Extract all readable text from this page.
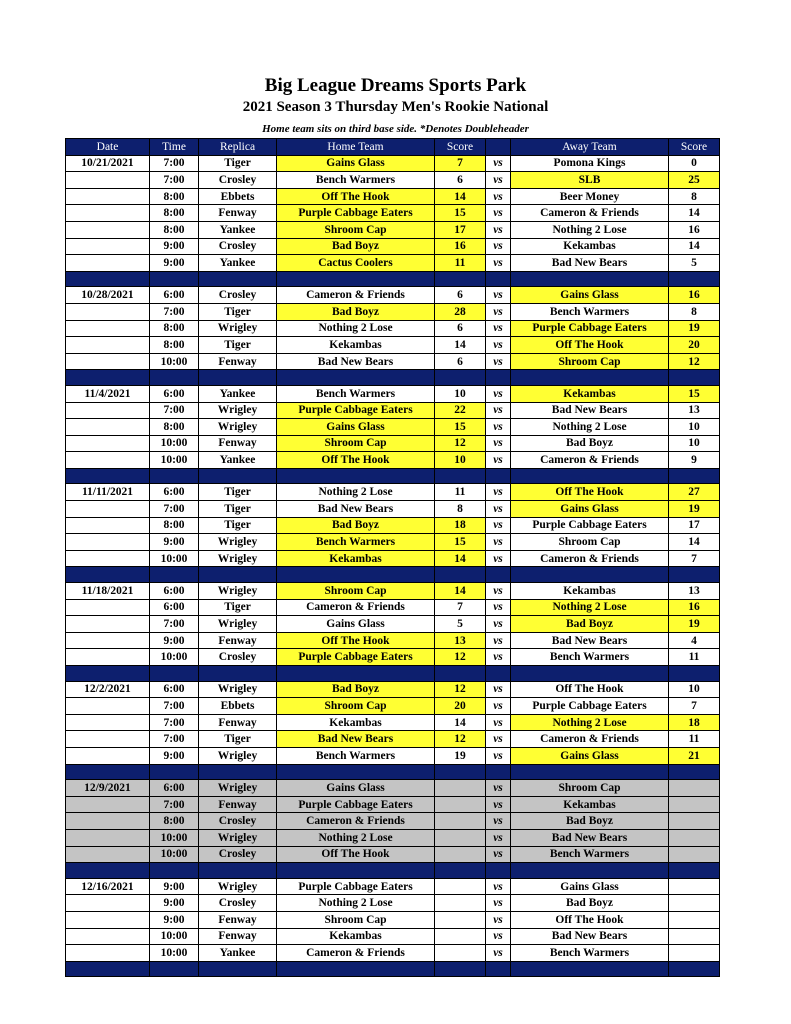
Big League Dreams Sports Park
2021 Season 3 Thursday Men's Rookie National
Home team sits on third base side. *Denotes Doubleheader
Date	Time	Replica	Home Team	Score		Away Team	Score
10/21/2021	7:00	Tiger	Gains Glass	7	vs	Pomona Kings	0
	7:00	Crosley	Bench Warmers	6	vs	SLB	25
	8:00	Ebbets	Off The Hook	14	vs	Beer Money	8
	8:00	Fenway	Purple Cabbage Eaters	15	vs	Cameron & Friends	14
	8:00	Yankee	Shroom Cap	17	vs	Nothing 2 Lose	16
	9:00	Crosley	Bad Boyz	16	vs	Kekambas	14
	9:00	Yankee	Cactus Coolers	11	vs	Bad New Bears	5

10/28/2021	6:00	Crosley	Cameron & Friends	6	vs	Gains Glass	16
	7:00	Tiger	Bad Boyz	28	vs	Bench Warmers	8
	8:00	Wrigley	Nothing 2 Lose	6	vs	Purple Cabbage Eaters	19
	8:00	Tiger	Kekambas	14	vs	Off The Hook	20
	10:00	Fenway	Bad New Bears	6	vs	Shroom Cap	12

11/4/2021	6:00	Yankee	Bench Warmers	10	vs	Kekambas	15
	7:00	Wrigley	Purple Cabbage Eaters	22	vs	Bad New Bears	13
	8:00	Wrigley	Gains Glass	15	vs	Nothing 2 Lose	10
	10:00	Fenway	Shroom Cap	12	vs	Bad Boyz	10
	10:00	Yankee	Off The Hook	10	vs	Cameron & Friends	9

11/11/2021	6:00	Tiger	Nothing 2 Lose	11	vs	Off The Hook	27
	7:00	Tiger	Bad New Bears	8	vs	Gains Glass	19
	8:00	Tiger	Bad Boyz	18	vs	Purple Cabbage Eaters	17
	9:00	Wrigley	Bench Warmers	15	vs	Shroom Cap	14
	10:00	Wrigley	Kekambas	14	vs	Cameron & Friends	7

11/18/2021	6:00	Wrigley	Shroom Cap	14	vs	Kekambas	13
	6:00	Tiger	Cameron & Friends	7	vs	Nothing 2 Lose	16
	7:00	Wrigley	Gains Glass	5	vs	Bad Boyz	19
	9:00	Fenway	Off The Hook	13	vs	Bad New Bears	4
	10:00	Crosley	Purple Cabbage Eaters	12	vs	Bench Warmers	11

12/2/2021	6:00	Wrigley	Bad Boyz	12	vs	Off The Hook	10
	7:00	Ebbets	Shroom Cap	20	vs	Purple Cabbage Eaters	7
	7:00	Fenway	Kekambas	14	vs	Nothing 2 Lose	18
	7:00	Tiger	Bad New Bears	12	vs	Cameron & Friends	11
	9:00	Wrigley	Bench Warmers	19	vs	Gains Glass	21

12/9/2021	6:00	Wrigley	Gains Glass		vs	Shroom Cap	
	7:00	Fenway	Purple Cabbage Eaters		vs	Kekambas	
	8:00	Crosley	Cameron & Friends		vs	Bad Boyz	
	10:00	Wrigley	Nothing 2 Lose		vs	Bad New Bears	
	10:00	Crosley	Off The Hook		vs	Bench Warmers	

12/16/2021	9:00	Wrigley	Purple Cabbage Eaters		vs	Gains Glass	
	9:00	Crosley	Nothing 2 Lose		vs	Bad Boyz	
	9:00	Fenway	Shroom Cap		vs	Off The Hook	
	10:00	Fenway	Kekambas		vs	Bad New Bears	
	10:00	Yankee	Cameron & Friends		vs	Bench Warmers	
